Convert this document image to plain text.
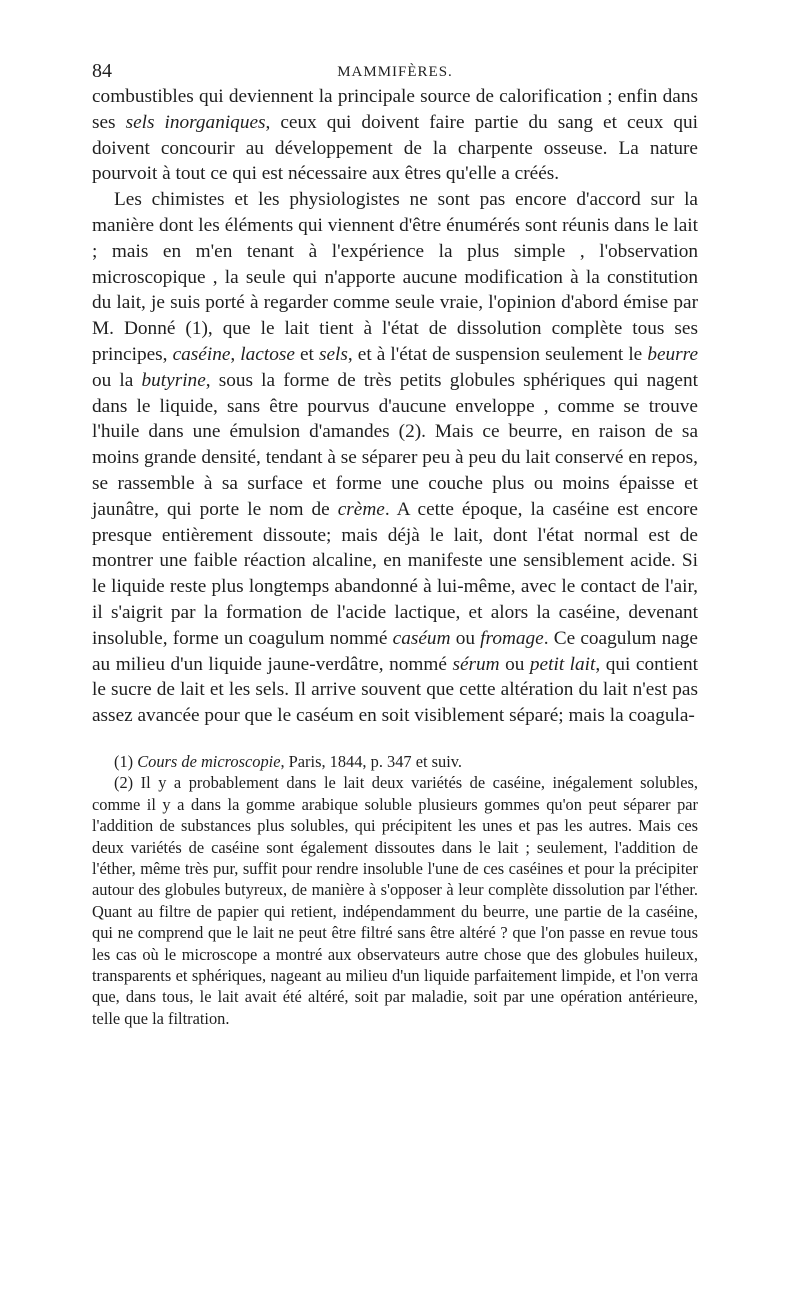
84	MAMMIFÈRES.

combustibles qui deviennent la principale source de calorification ; enfin dans ses sels inorganiques, ceux qui doivent faire partie du sang et ceux qui doivent concourir au développement de la charpente osseuse. La nature pourvoit à tout ce qui est nécessaire aux êtres qu'elle a créés.

Les chimistes et les physiologistes ne sont pas encore d'accord sur la manière dont les éléments qui viennent d'être énumérés sont réunis dans le lait ; mais en m'en tenant à l'expérience la plus simple , l'observation microscopique , la seule qui n'apporte aucune modification à la constitution du lait, je suis porté à regarder comme seule vraie, l'opinion d'abord émise par M. Donné (1), que le lait tient à l'état de dissolution complète tous ses principes, caséine, lactose et sels, et à l'état de suspension seulement le beurre ou la butyrine, sous la forme de très petits globules sphériques qui nagent dans le liquide, sans être pourvus d'aucune enveloppe , comme se trouve l'huile dans une émulsion d'amandes (2). Mais ce beurre, en raison de sa moins grande densité, tendant à se séparer peu à peu du lait conservé en repos, se rassemble à sa surface et forme une couche plus ou moins épaisse et jaunâtre, qui porte le nom de crème. A cette époque, la caséine est encore presque entièrement dissoute; mais déjà le lait, dont l'état normal est de montrer une faible réaction alcaline, en manifeste une sensiblement acide. Si le liquide reste plus longtemps abandonné à lui-même, avec le contact de l'air, il s'aigrit par la formation de l'acide lactique, et alors la caséine, devenant insoluble, forme un coagulum nommé caséum ou fromage. Ce coagulum nage au milieu d'un liquide jaune-verdâtre, nommé sérum ou petit lait, qui contient le sucre de lait et les sels. Il arrive souvent que cette altération du lait n'est pas assez avancée pour que le caséum en soit visiblement séparé; mais la coagula-

(1) Cours de microscopie, Paris, 1844, p. 347 et suiv.

(2) Il y a probablement dans le lait deux variétés de caséine, inégalement solubles, comme il y a dans la gomme arabique soluble plusieurs gommes qu'on peut séparer par l'addition de substances plus solubles, qui précipitent les unes et pas les autres. Mais ces deux variétés de caséine sont également dissoutes dans le lait ; seulement, l'addition de l'éther, même très pur, suffit pour rendre insoluble l'une de ces caséines et pour la précipiter autour des globules butyreux, de manière à s'opposer à leur complète dissolution par l'éther. Quant au filtre de papier qui retient, indépendamment du beurre, une partie de la caséine, qui ne comprend que le lait ne peut être filtré sans être altéré ? que l'on passe en revue tous les cas où le microscope a montré aux observateurs autre chose que des globules huileux, transparents et sphériques, nageant au milieu d'un liquide parfaitement limpide, et l'on verra que, dans tous, le lait avait été altéré, soit par maladie, soit par une opération antérieure, telle que la filtration.
